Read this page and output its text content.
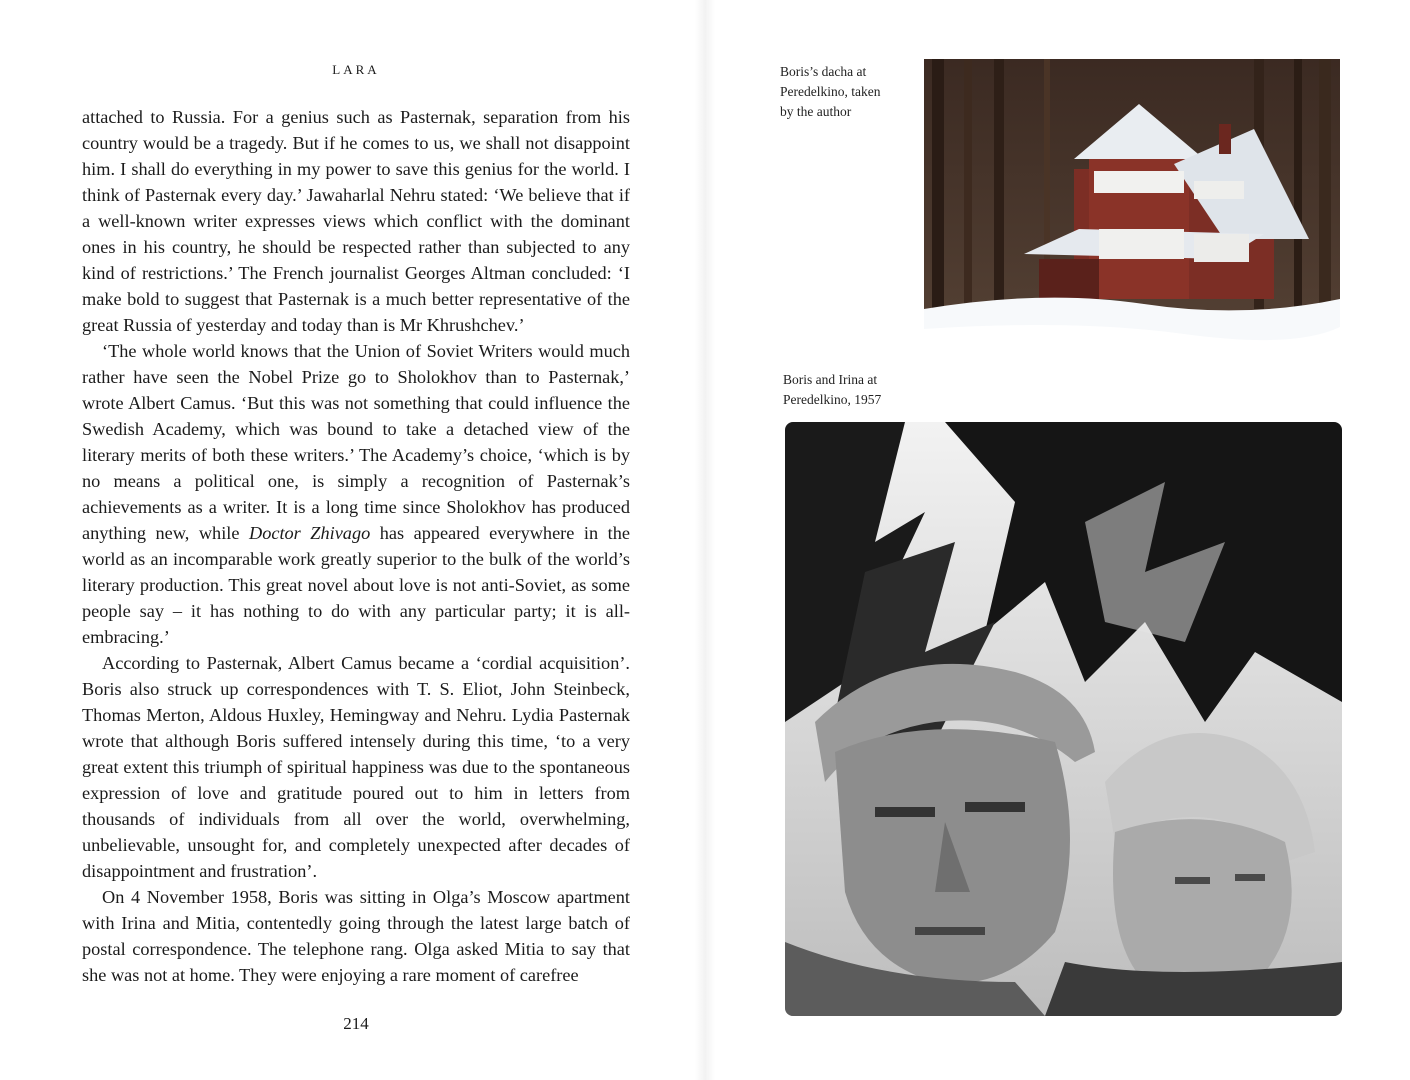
LARA

attached to Russia. For a genius such as Pasternak, separation from his country would be a tragedy. But if he comes to us, we shall not disappoint him. I shall do everything in my power to save this genius for the world. I think of Pasternak every day.’ Jawaharlal Nehru stated: ‘We believe that if a well-known writer expresses views which conflict with the dominant ones in his country, he should be respected rather than subjected to any kind of restrictions.’ The French journalist Georges Altman concluded: ‘I make bold to suggest that Pasternak is a much better representative of the great Russia of yesterday and today than is Mr Khrushchev.’

‘The whole world knows that the Union of Soviet Writers would much rather have seen the Nobel Prize go to Sholokhov than to Pasternak,’ wrote Albert Camus. ‘But this was not something that could influence the Swedish Academy, which was bound to take a detached view of the literary merits of both these writers.’ The Academy’s choice, ‘which is by no means a political one, is simply a recognition of Pasternak’s achievements as a writer. It is a long time since Sholokhov has produced anything new, while Doctor Zhivago has appeared everywhere in the world as an incomparable work greatly superior to the bulk of the world’s literary production. This great novel about love is not anti-Soviet, as some people say – it has nothing to do with any particular party; it is all-embracing.’

According to Pasternak, Albert Camus became a ‘cordial acquisition’. Boris also struck up correspondences with T. S. Eliot, John Steinbeck, Thomas Merton, Aldous Huxley, Hemingway and Nehru. Lydia Pasternak wrote that although Boris suffered intensely during this time, ‘to a very great extent this triumph of spiritual happiness was due to the spontaneous expression of love and gratitude poured out to him in letters from thousands of individuals from all over the world, overwhelming, unbelievable, unsought for, and completely unexpected after decades of disappointment and frustration’.

On 4 November 1958, Boris was sitting in Olga’s Moscow apartment with Irina and Mitia, contentedly going through the latest large batch of postal correspondence. The telephone rang. Olga asked Mitia to say that she was not at home. They were enjoying a rare moment of carefree

214
Boris’s dacha at
Peredelkino, taken
by the author
Boris and Irina at
Peredelkino, 1957
